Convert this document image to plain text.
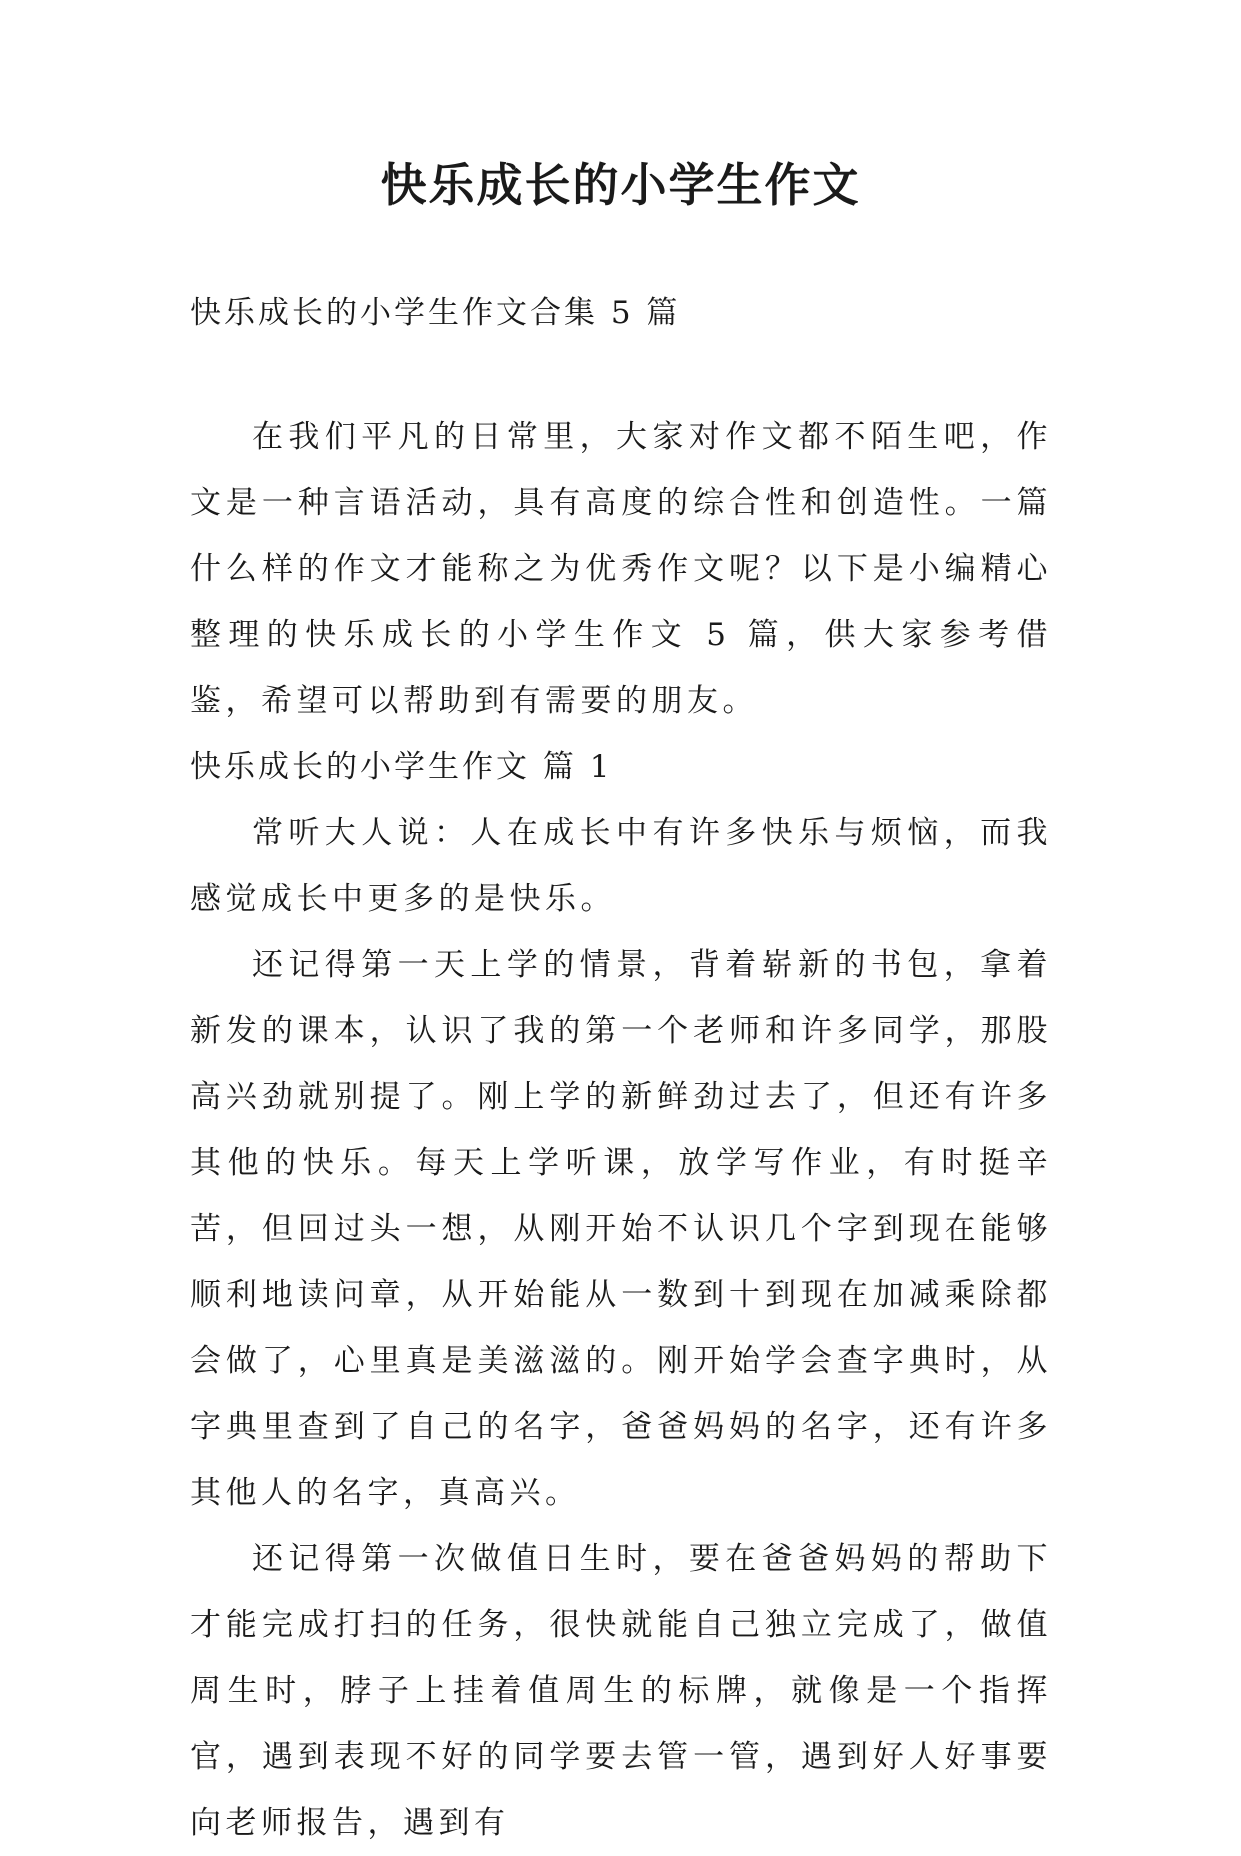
快乐成长的小学生作文
快乐成长的小学生作文合集 5 篇

在我们平凡的日常里，大家对作文都不陌生吧，作文是一种言语活动，具有高度的综合性和创造性。一篇什么样的作文才能称之为优秀作文呢？以下是小编精心整理的快乐成长的小学生作文 5 篇，供大家参考借鉴，希望可以帮助到有需要的朋友。

快乐成长的小学生作文 篇 1

常听大人说：人在成长中有许多快乐与烦恼，而我感觉成长中更多的是快乐。

还记得第一天上学的情景，背着崭新的书包，拿着新发的课本，认识了我的第一个老师和许多同学，那股高兴劲就别提了。刚上学的新鲜劲过去了，但还有许多其他的快乐。每天上学听课，放学写作业，有时挺辛苦，但回过头一想，从刚开始不认识几个字到现在能够顺利地读问章，从开始能从一数到十到现在加减乘除都会做了，心里真是美滋滋的。刚开始学会查字典时，从字典里查到了自己的名字，爸爸妈妈的名字，还有许多其他人的名字，真高兴。

还记得第一次做值日生时，要在爸爸妈妈的帮助下才能完成打扫的任务，很快就能自己独立完成了，做值周生时，脖子上挂着值周生的标牌，就像是一个指挥官，遇到表现不好的同学要去管一管，遇到好人好事要向老师报告，遇到有
